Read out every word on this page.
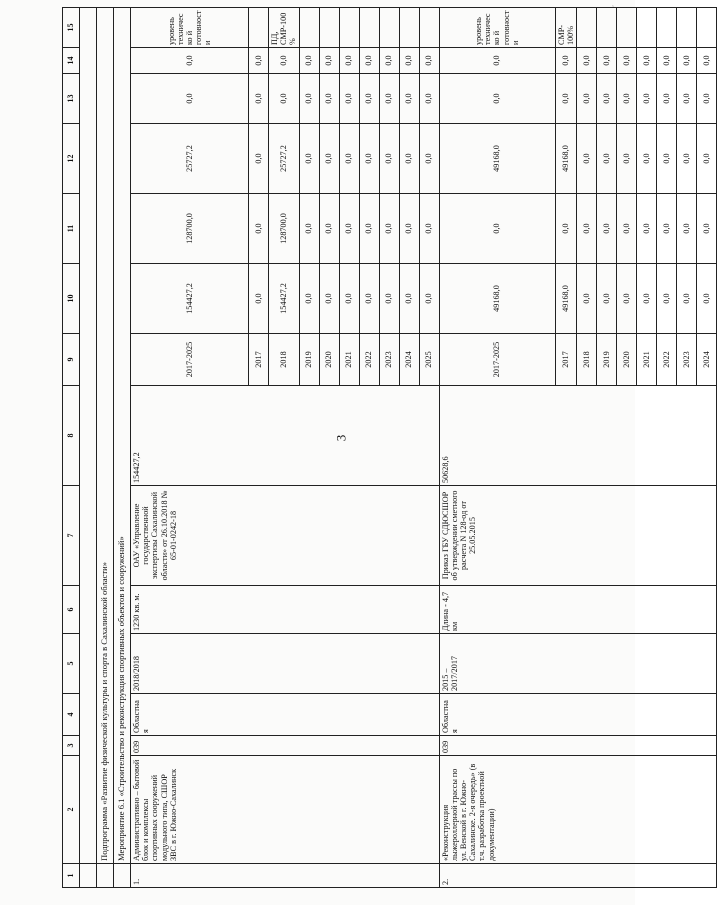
3
ˢ
1	2	3	4	5	6	7	8	9	10	11	12	13	14	15

	Подпрограмма «Развитие физической культуры и спорта в Сахалинской области»													
	Мероприятие 6.1 «Строительство и реконструкция спортивных объектов и сооружений»													
1.	Административно – бытовой блок и комплексы спортивных сооружений модульного типа, СШОР ЗВС в г. Южно-Сахалинск	039	Областна я	2018/2018	1230 кв. м.	ОАУ «Управление государственной экспертизы Сахалинской области» от 26.10.2018 № 65-01-0242-18	154427,2	2017-2025	154427,2	128700,0	25727,2	0,0	0,0	уровень техническо й готовности
								2017	0,0	0,0	0,0	0,0	0,0	
								2018	154427,2	128700,0	25727,2	0,0	0,0	ПД, СМР-100%
								2019	0,0	0,0	0,0	0,0	0,0	
								2020	0,0	0,0	0,0	0,0	0,0	
								2021	0,0	0,0	0,0	0,0	0,0	
								2022	0,0	0,0	0,0	0,0	0,0	
								2023	0,0	0,0	0,0	0,0	0,0	
								2024	0,0	0,0	0,0	0,0	0,0	
								2025	0,0	0,0	0,0	0,0	0,0	
2.	«Реконструкция лыжероллерной трассы по ул. Венской в г. Южно-Сахалинске. 2-я очередь» (в т.ч. разработка проектной документации)	039	Областна я	2015 – 2017/2017	Длина - 4,7 км	Приказ ГБУ СДЮСШОР об утверждении сметного расчета N 128-од от 25.05.2015	50628,6	2017-2025	49168,0	0,0	49168,0	0,0	0,0	уровень техническо й готовности
								2017	49168,0	0,0	49168,0	0,0	0,0	СМР- 100%
								2018	0,0	0,0	0,0	0,0	0,0	
								2019	0,0	0,0	0,0	0,0	0,0	
								2020	0,0	0,0	0,0	0,0	0,0	
								2021	0,0	0,0	0,0	0,0	0,0	
								2022	0,0	0,0	0,0	0,0	0,0	
								2023	0,0	0,0	0,0	0,0	0,0	
								2024	0,0	0,0	0,0	0,0	0,0	
